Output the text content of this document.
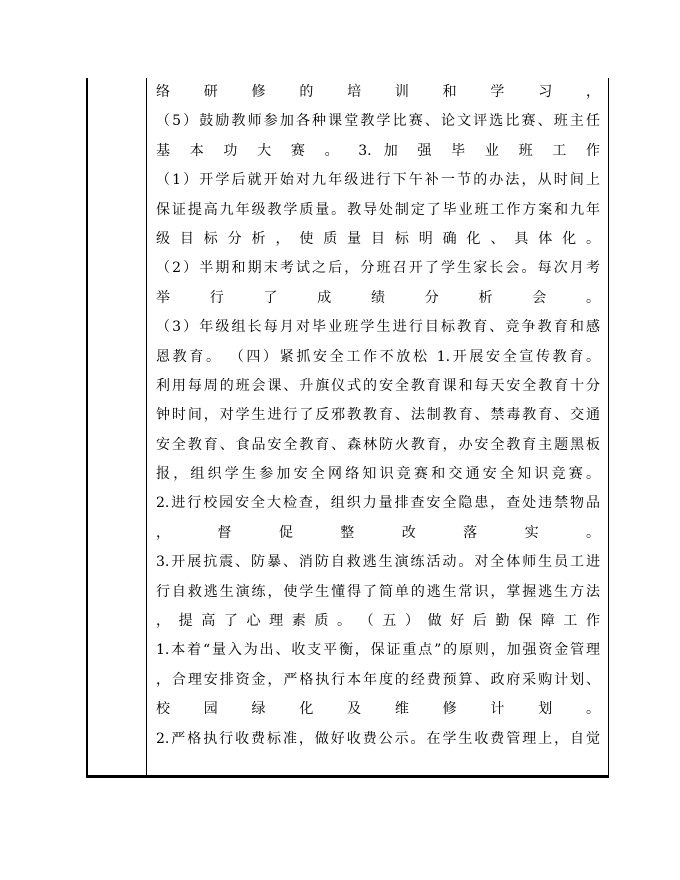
络 研 修 的 培 训 和 学 习 ，
（5）鼓励教师参加各种课堂教学比赛、论文评选比赛、班主任
基 本 功 大 赛 。 3. 加 强 毕 业 班 工 作
（1）开学后就开始对九年级进行下午补一节的办法，从时间上
保证提高九年级教学质量。教导处制定了毕业班工作方案和九年
级 目 标 分 析 ， 使 质 量 目 标 明 确 化 、 具 体 化 。
（2）半期和期末考试之后，分班召开了学生家长会。每次月考
举 行 了 成 绩 分 析 会 。
（3）年级组长每月对毕业班学生进行目标教育、竞争教育和感
恩教育。 （四）紧抓安全工作不放松 1.开展安全宣传教育。
利用每周的班会课、升旗仪式的安全教育课和每天安全教育十分
钟时间，对学生进行了反邪教教育、法制教育、禁毒教育、交通
安全教育、食品安全教育、森林防火教育，办安全教育主题黑板
报，组织学生参加安全网络知识竞赛和交通安全知识竞赛。
2.进行校园安全大检查，组织力量排查安全隐患，查处违禁物品
， 督 促 整 改 落 实 。
3.开展抗震、防暴、消防自救逃生演练活动。对全体师生员工进
行自救逃生演练，使学生懂得了简单的逃生常识，掌握逃生方法
， 提 高 了 心 理 素 质 。 （ 五 ） 做 好 后 勤 保 障 工 作
1.本着“量入为出、收支平衡，保证重点”的原则，加强资金管理
，合理安排资金，严格执行本年度的经费预算、政府采购计划、
校 园 绿 化 及 维 修 计 划 。
2.严格执行收费标准，做好收费公示。在学生收费管理上，自觉
